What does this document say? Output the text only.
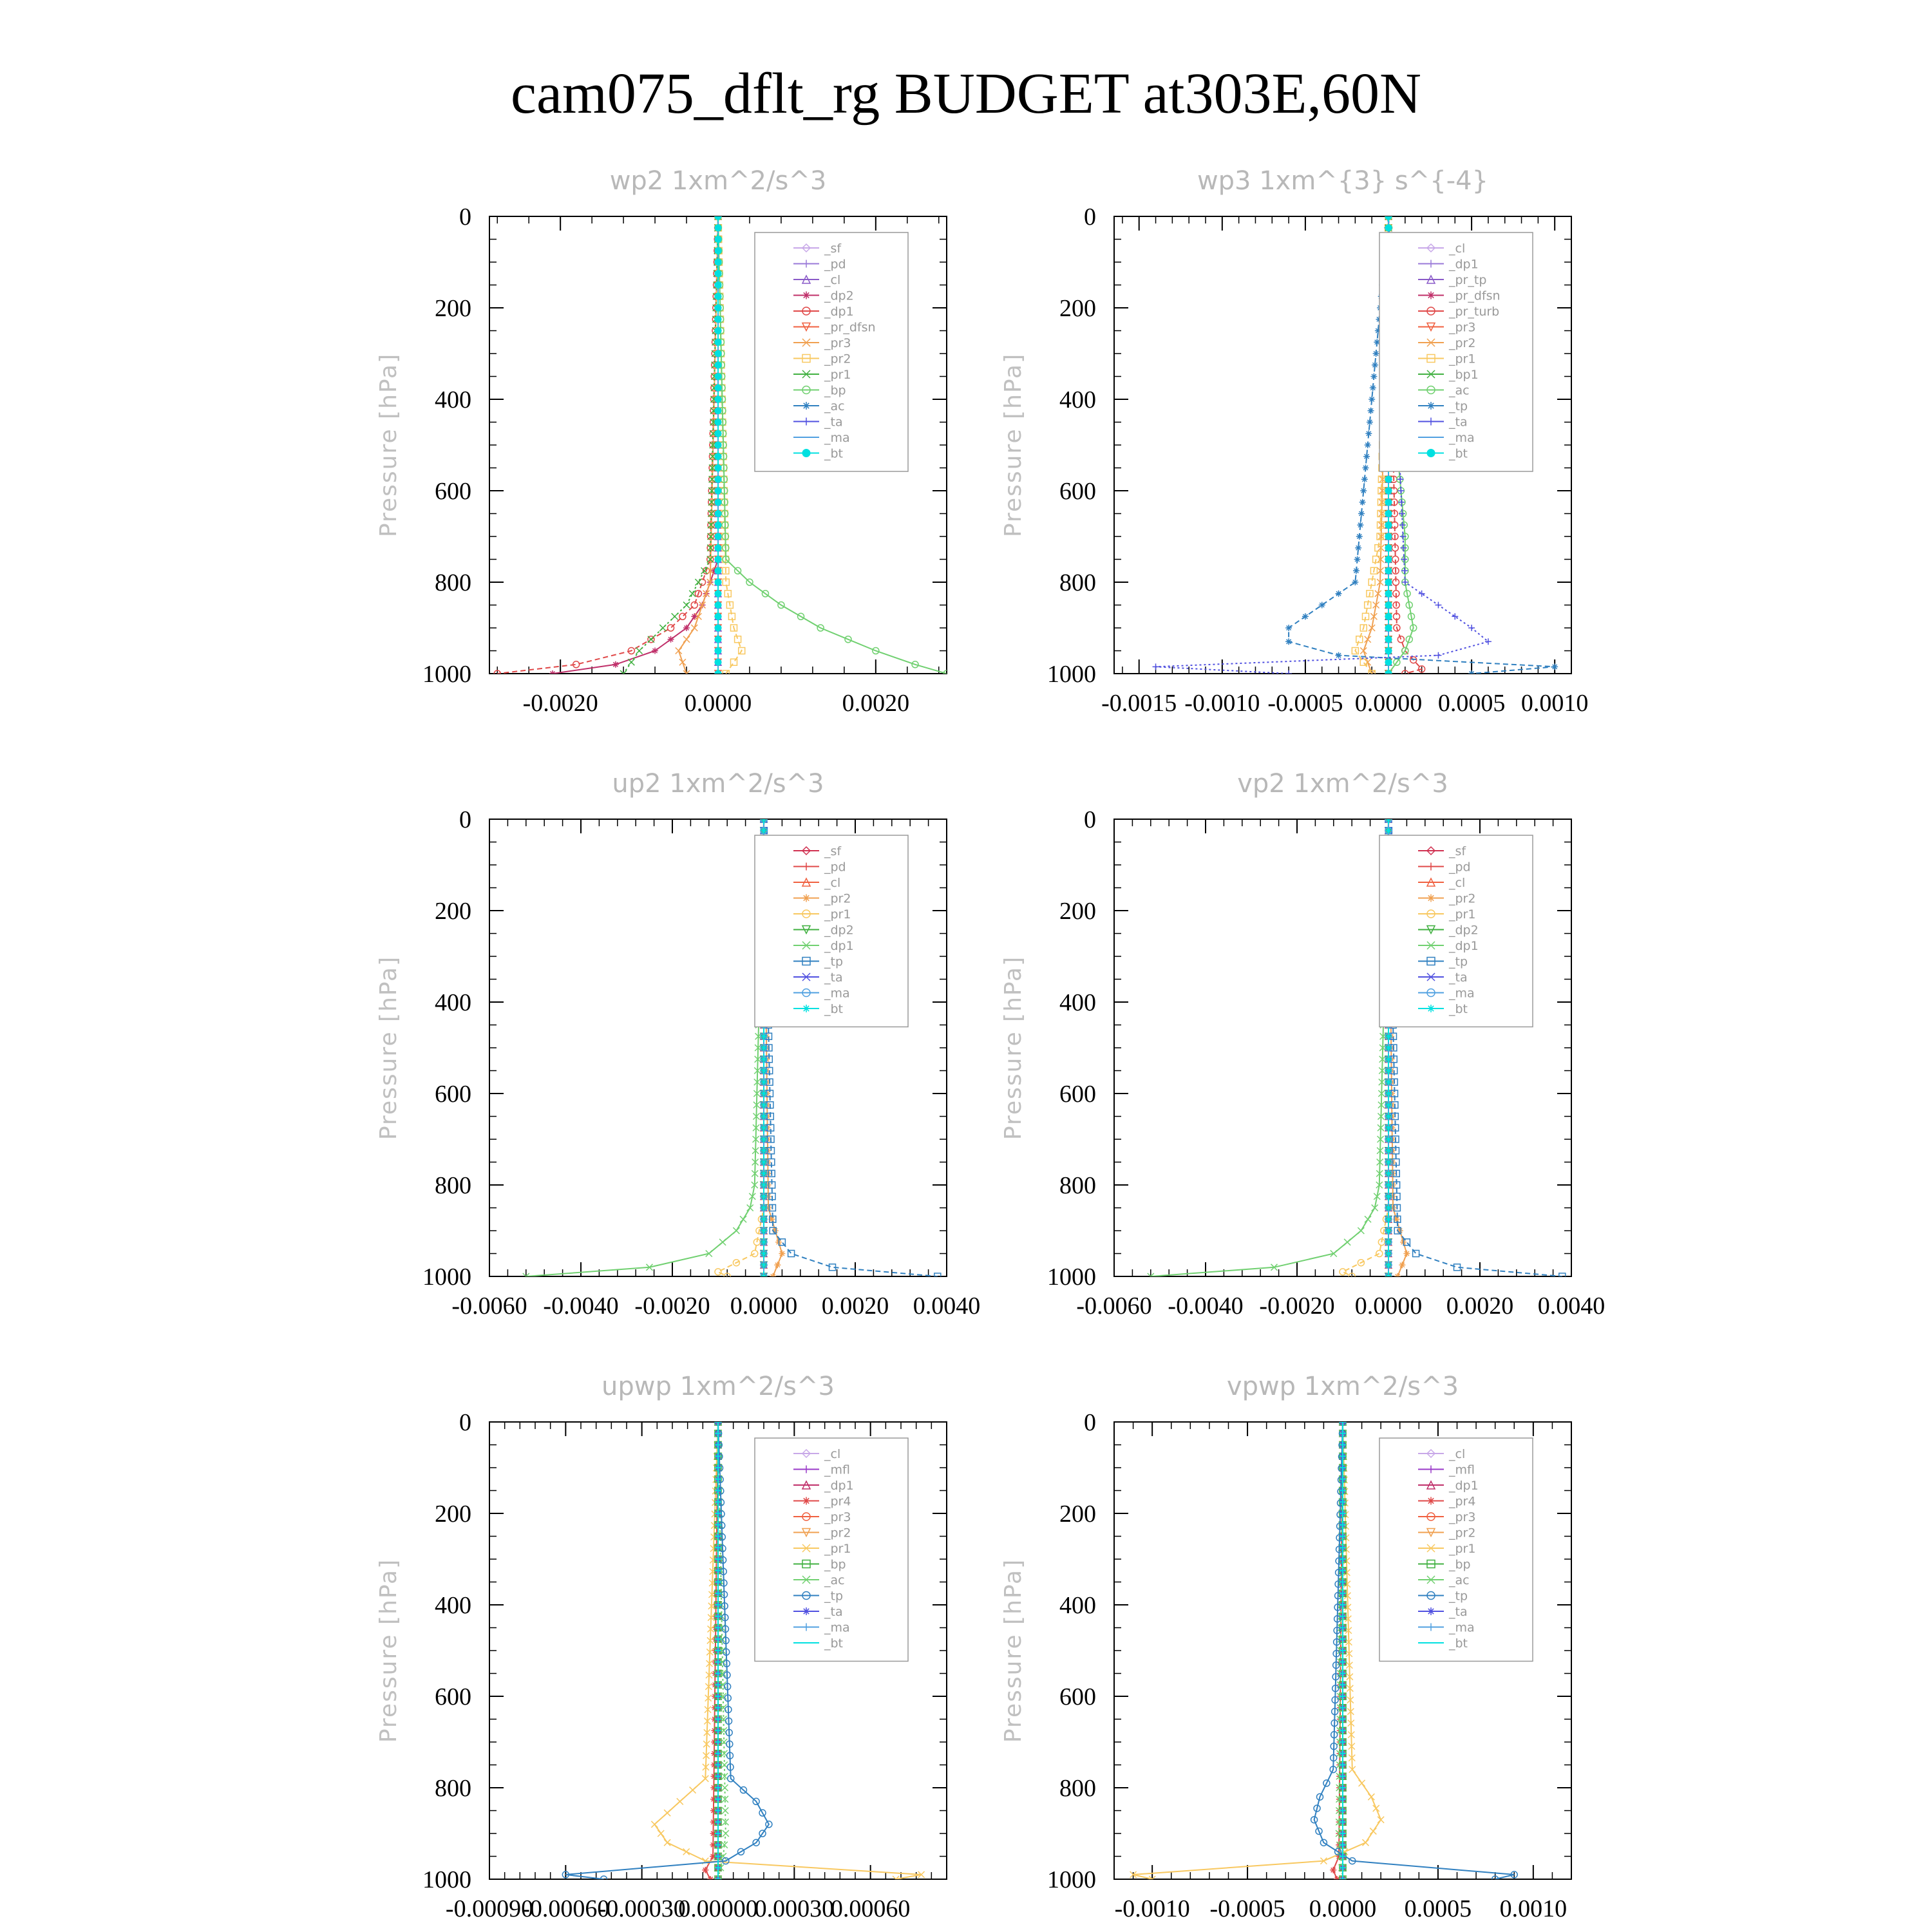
cam075_dflt_rg BUDGET at303E,60N
wp2 1xm^2/s^3
Pressure [hPa]
0
200
400
600
800
1000
-0.0020	0.0000	0.0020
_sf
_pd
_cl
_dp2
_dp1
_pr_dfsn
_pr3
_pr2
_pr1
_bp
_ac
_ta
_ma
_bt
wp3 1xm^{3} s^{-4}
Pressure [hPa]
0
200
400
600
800
1000
-0.0015 -0.0010 -0.0005 0.0000 0.0005 0.0010
_cl
_dp1
_pr_tp
_pr_dfsn
_pr_turb
_pr3
_pr2
_pr1
_bp1
_ac
_tp
_ta
_ma
_bt
up2 1xm^2/s^3
Pressure [hPa]
0
200
400
600
800
1000
-0.0060 -0.0040 -0.0020 0.0000 0.0020 0.0040
_sf
_pd
_cl
_pr2
_pr1
_dp2
_dp1
_tp
_ta
_ma
_bt
vp2 1xm^2/s^3
Pressure [hPa]
0
200
400
600
800
1000
-0.0060 -0.0040 -0.0020 0.0000 0.0020 0.0040
_sf
_pd
_cl
_pr2
_pr1
_dp2
_dp1
_tp
_ta
_ma
_bt
upwp 1xm^2/s^3
Pressure [hPa]
0
200
400
600
800
1000
-0.00090
-0.00060
-0.00030
0.00000
0.00030
0.00060
_cl
_mfl
_dp1
_pr4
_pr3
_pr2
_pr1
_bp
_ac
_tp
_ta
_ma
_bt
vpwp 1xm^2/s^3
Pressure [hPa]
0
200
400
600
800
1000
-0.0010 -0.0005 0.0000 0.0005 0.0010
_cl
_mfl
_dp1
_pr4
_pr3
_pr2
_pr1
_bp
_ac
_tp
_ta
_ma
_bt
